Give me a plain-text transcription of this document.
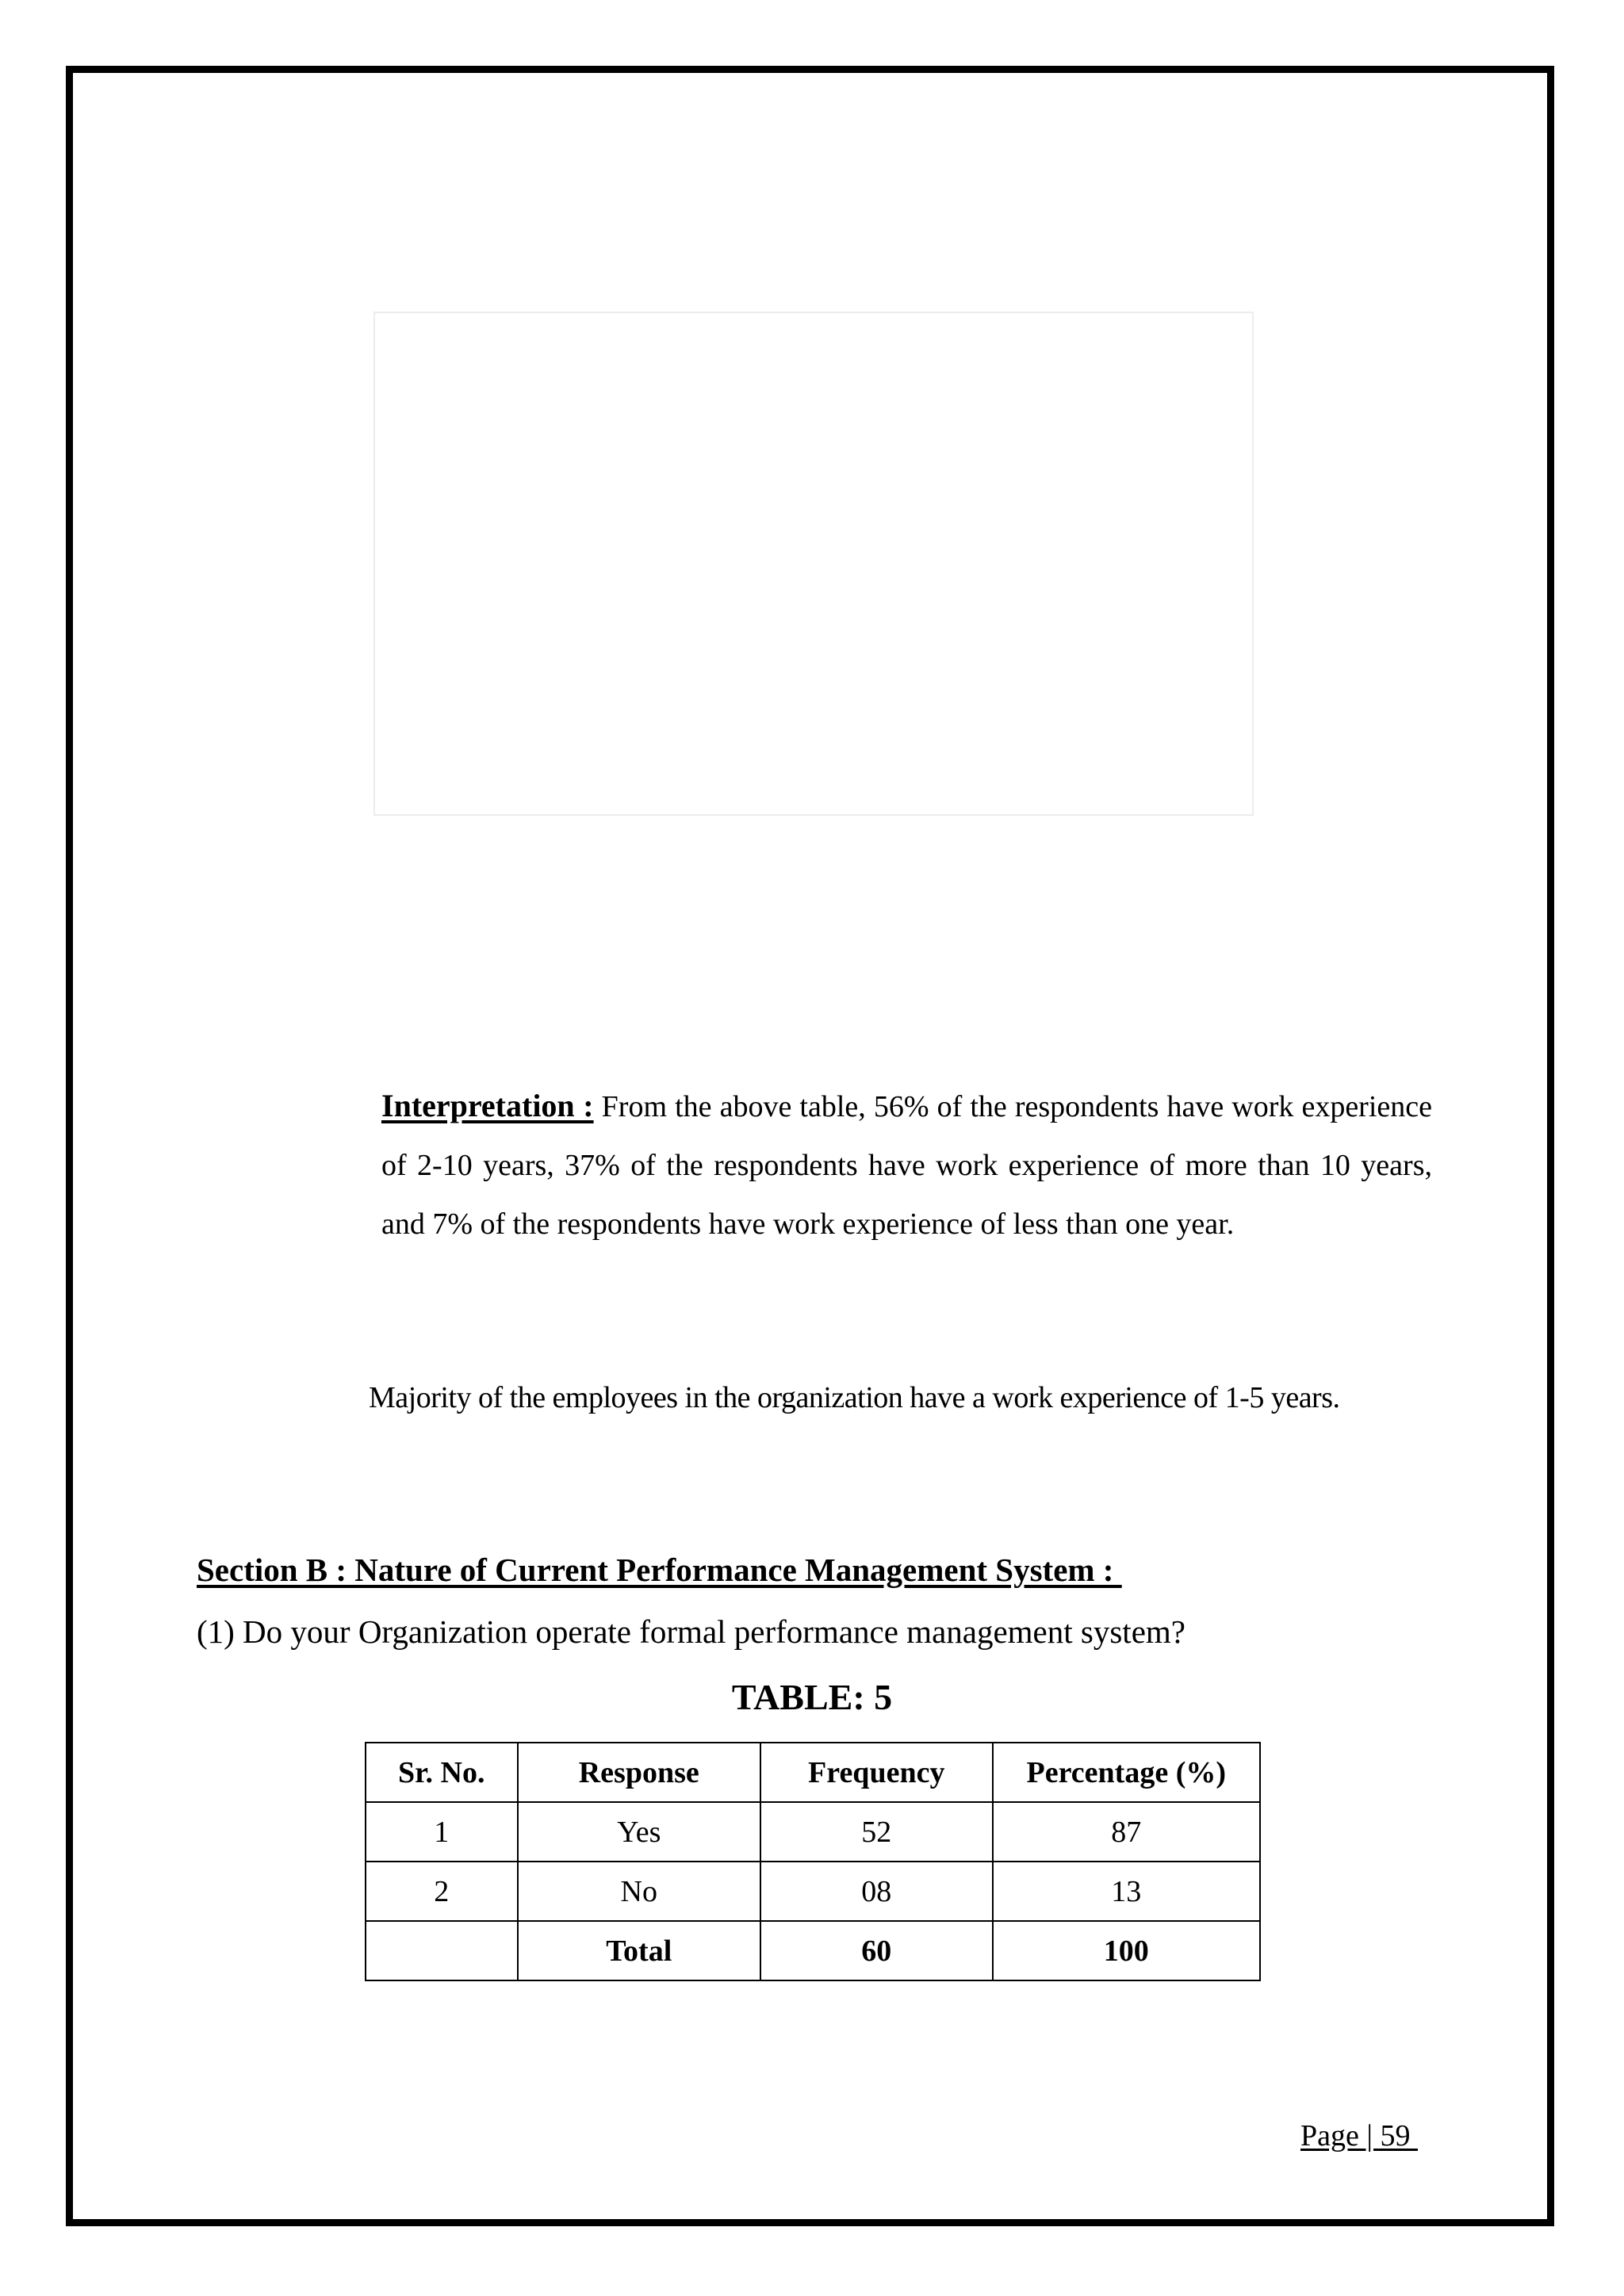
Interpretation : From the above table, 56% of the respondents have work experience of 2-10 years, 37% of the respondents have work experience of more than 10 years, and 7% of the respondents have work experience of less than one year.

Majority of the employees in the organization have a work experience of 1-5 years.

Section B : Nature of Current Performance Management System :
(1) Do your Organization operate formal performance management system?
TABLE: 5
Sr. No.	Response	Frequency	Percentage (%)
1	Yes	52	87
2	No	08	13
	Total	60	100
Page | 59
